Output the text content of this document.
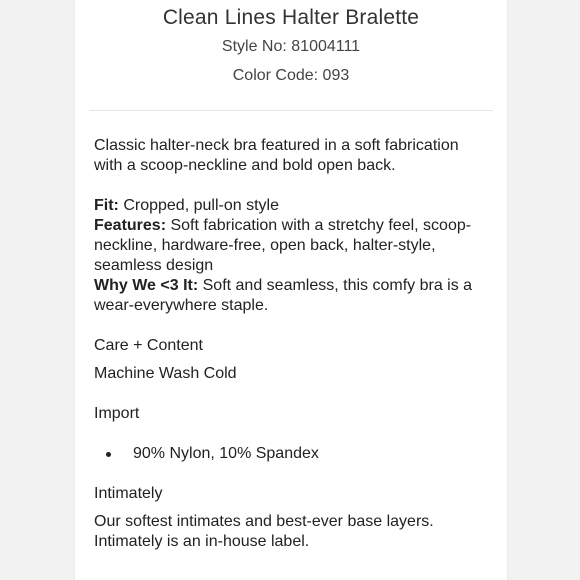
Clean Lines Halter Bralette
Style No: 81004111
Color Code: 093

Classic halter-neck bra featured in a soft fabrication with a scoop-neckline and bold open back.

Fit: Cropped, pull-on style

Features: Soft fabrication with a stretchy feel, scoop-neckline, hardware-free, open back, halter-style, seamless design

Why We <3 It: Soft and seamless, this comfy bra is a wear-everywhere staple.

Care + Content

Machine Wash Cold

Import

90% Nylon, 10% Spandex

Intimately

Our softest intimates and best-ever base layers. Intimately is an in-house label.
